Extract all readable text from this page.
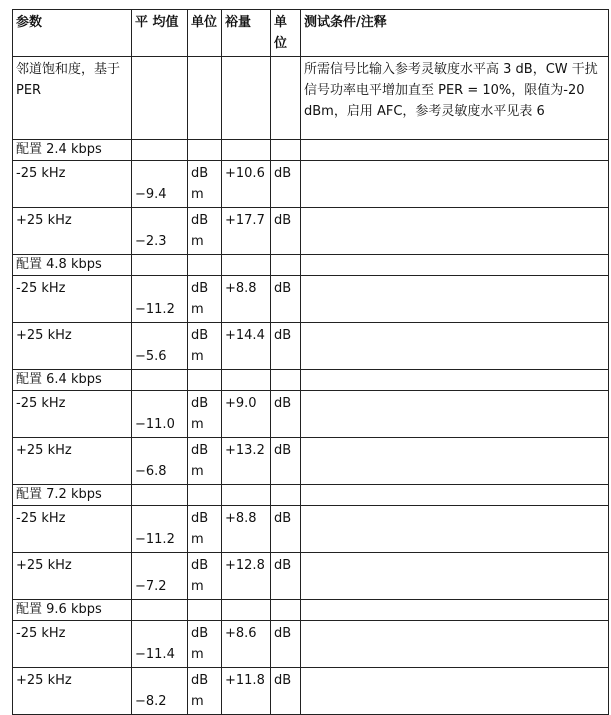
参数	平 均值	单位	裕量	单位	测试条件/注释
邻道饱和度，基于 PER					所需信号比输入参考灵敏度水平高 3 dB，CW 干扰信号功率电平增加直至 PER = 10%，限值为-20 dBm，启用 AFC，参考灵敏度水平见表 6
配置 2.4 kbps					
-25 kHz	−9.4	dBm	+10.6	dB	
+25 kHz	−2.3	dBm	+17.7	dB	
配置 4.8 kbps					
-25 kHz	−11.2	dBm	+8.8	dB	
+25 kHz	−5.6	dBm	+14.4	dB	
配置 6.4 kbps					
-25 kHz	−11.0	dBm	+9.0	dB	
+25 kHz	−6.8	dBm	+13.2	dB	
配置 7.2 kbps					
-25 kHz	−11.2	dBm	+8.8	dB	
+25 kHz	−7.2	dBm	+12.8	dB	
配置 9.6 kbps					
-25 kHz	−11.4	dBm	+8.6	dB	
+25 kHz	−8.2	dBm	+11.8	dB	
